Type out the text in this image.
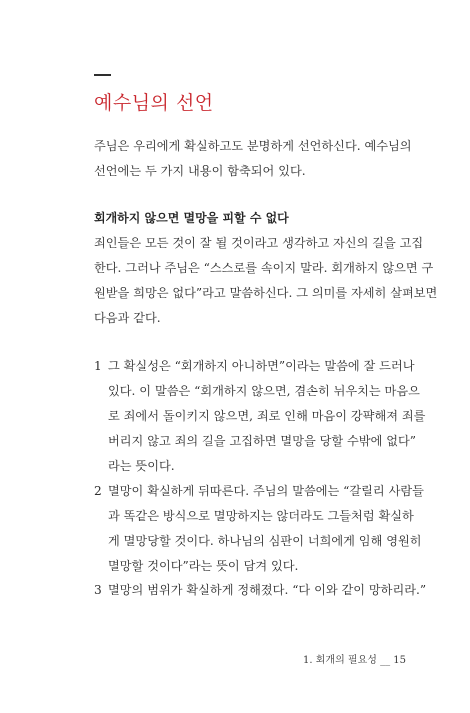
예수님의 선언
주님은 우리에게 확실하고도 분명하게 선언하신다. 예수님의
선언에는 두 가지 내용이 함축되어 있다.
회개하지 않으면 멸망을 피할 수 없다
죄인들은 모든 것이 잘 될 것이라고 생각하고 자신의 길을 고집
한다. 그러나 주님은 “스스로를 속이지 말라. 회개하지 않으면 구
원받을 희망은 없다”라고 말씀하신다. 그 의미를 자세히 살펴보면
다음과 같다.
1 그 확실성은 “회개하지 아니하면”이라는 말씀에 잘 드러나
있다. 이 말씀은 “회개하지 않으면, 겸손히 뉘우치는 마음으
로 죄에서 돌이키지 않으면, 죄로 인해 마음이 강퍅해져 죄를
버리지 않고 죄의 길을 고집하면 멸망을 당할 수밖에 없다”
라는 뜻이다.
2 멸망이 확실하게 뒤따른다. 주님의 말씀에는 “갈릴리 사람들
과 똑같은 방식으로 멸망하지는 않더라도 그들처럼 확실하
게 멸망당할 것이다. 하나님의 심판이 너희에게 임해 영원히
멸망할 것이다”라는 뜻이 담겨 있다.
3 멸망의 범위가 확실하게 정해졌다. “다 이와 같이 망하리라.”
1. 회개의 필요성 __ 15
